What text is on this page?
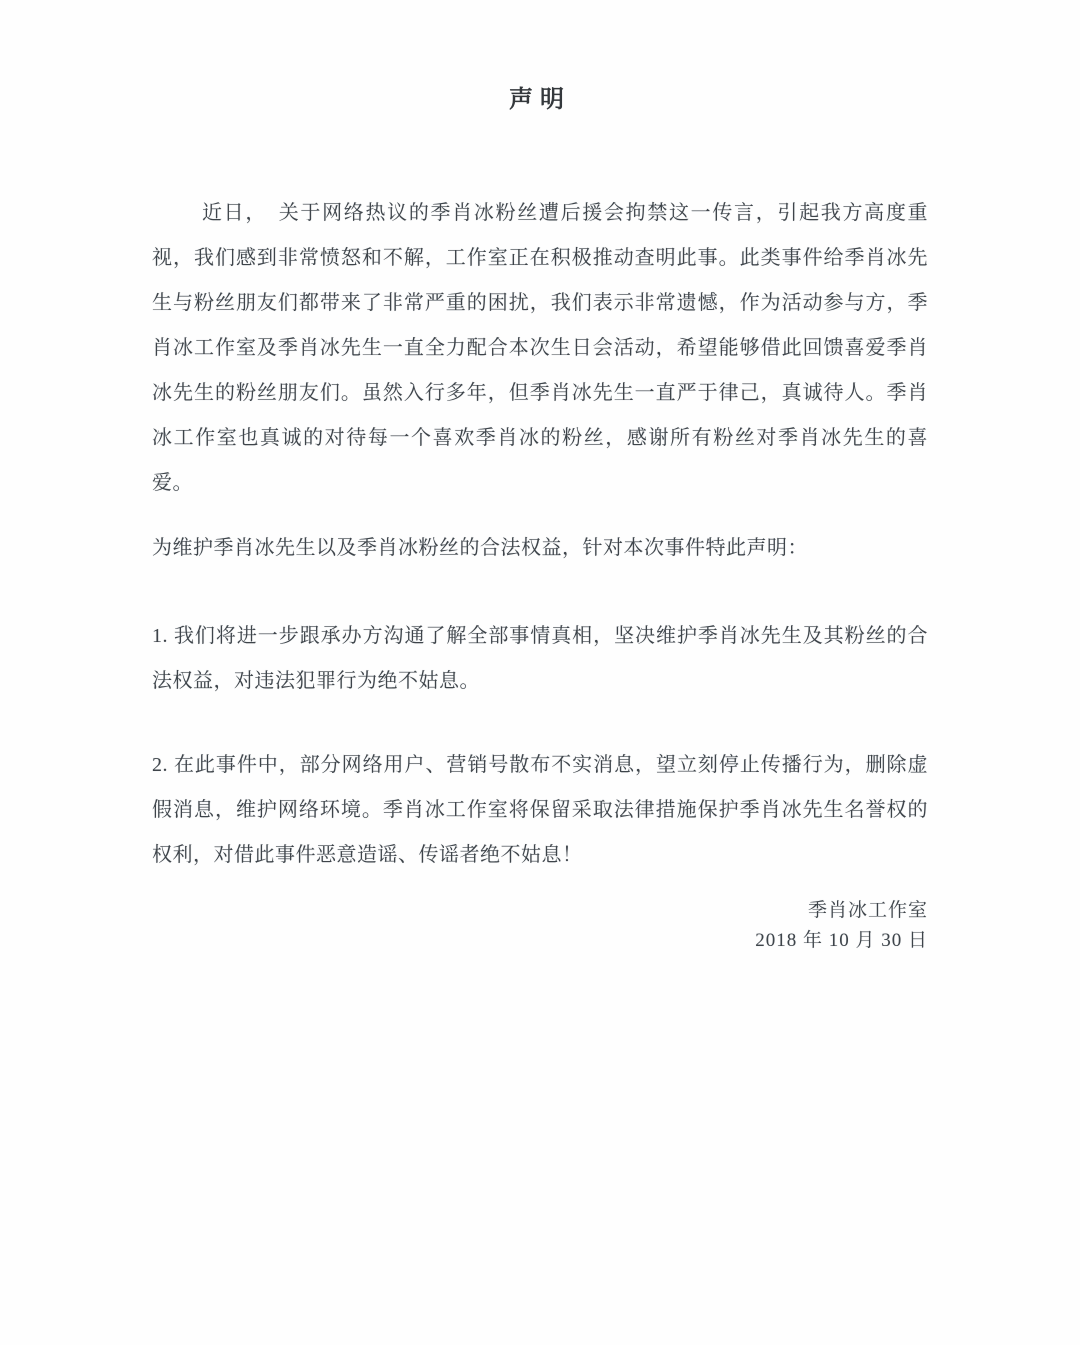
声明
近日，　关于网络热议的季肖冰粉丝遭后援会拘禁这一传言，引起我方高度重视，我们感到非常愤怒和不解，工作室正在积极推动查明此事。此类事件给季肖冰先生与粉丝朋友们都带来了非常严重的困扰，我们表示非常遗憾，作为活动参与方，季肖冰工作室及季肖冰先生一直全力配合本次生日会活动，希望能够借此回馈喜爱季肖冰先生的粉丝朋友们。虽然入行多年，但季肖冰先生一直严于律己，真诚待人。季肖冰工作室也真诚的对待每一个喜欢季肖冰的粉丝，感谢所有粉丝对季肖冰先生的喜爱。
为维护季肖冰先生以及季肖冰粉丝的合法权益，针对本次事件特此声明：
1. 我们将进一步跟承办方沟通了解全部事情真相，坚决维护季肖冰先生及其粉丝的合法权益，对违法犯罪行为绝不姑息。
2. 在此事件中，部分网络用户、营销号散布不实消息，望立刻停止传播行为，删除虚假消息，维护网络环境。季肖冰工作室将保留采取法律措施保护季肖冰先生名誉权的权利，对借此事件恶意造谣、传谣者绝不姑息！
季肖冰工作室
2018 年 10 月 30 日
